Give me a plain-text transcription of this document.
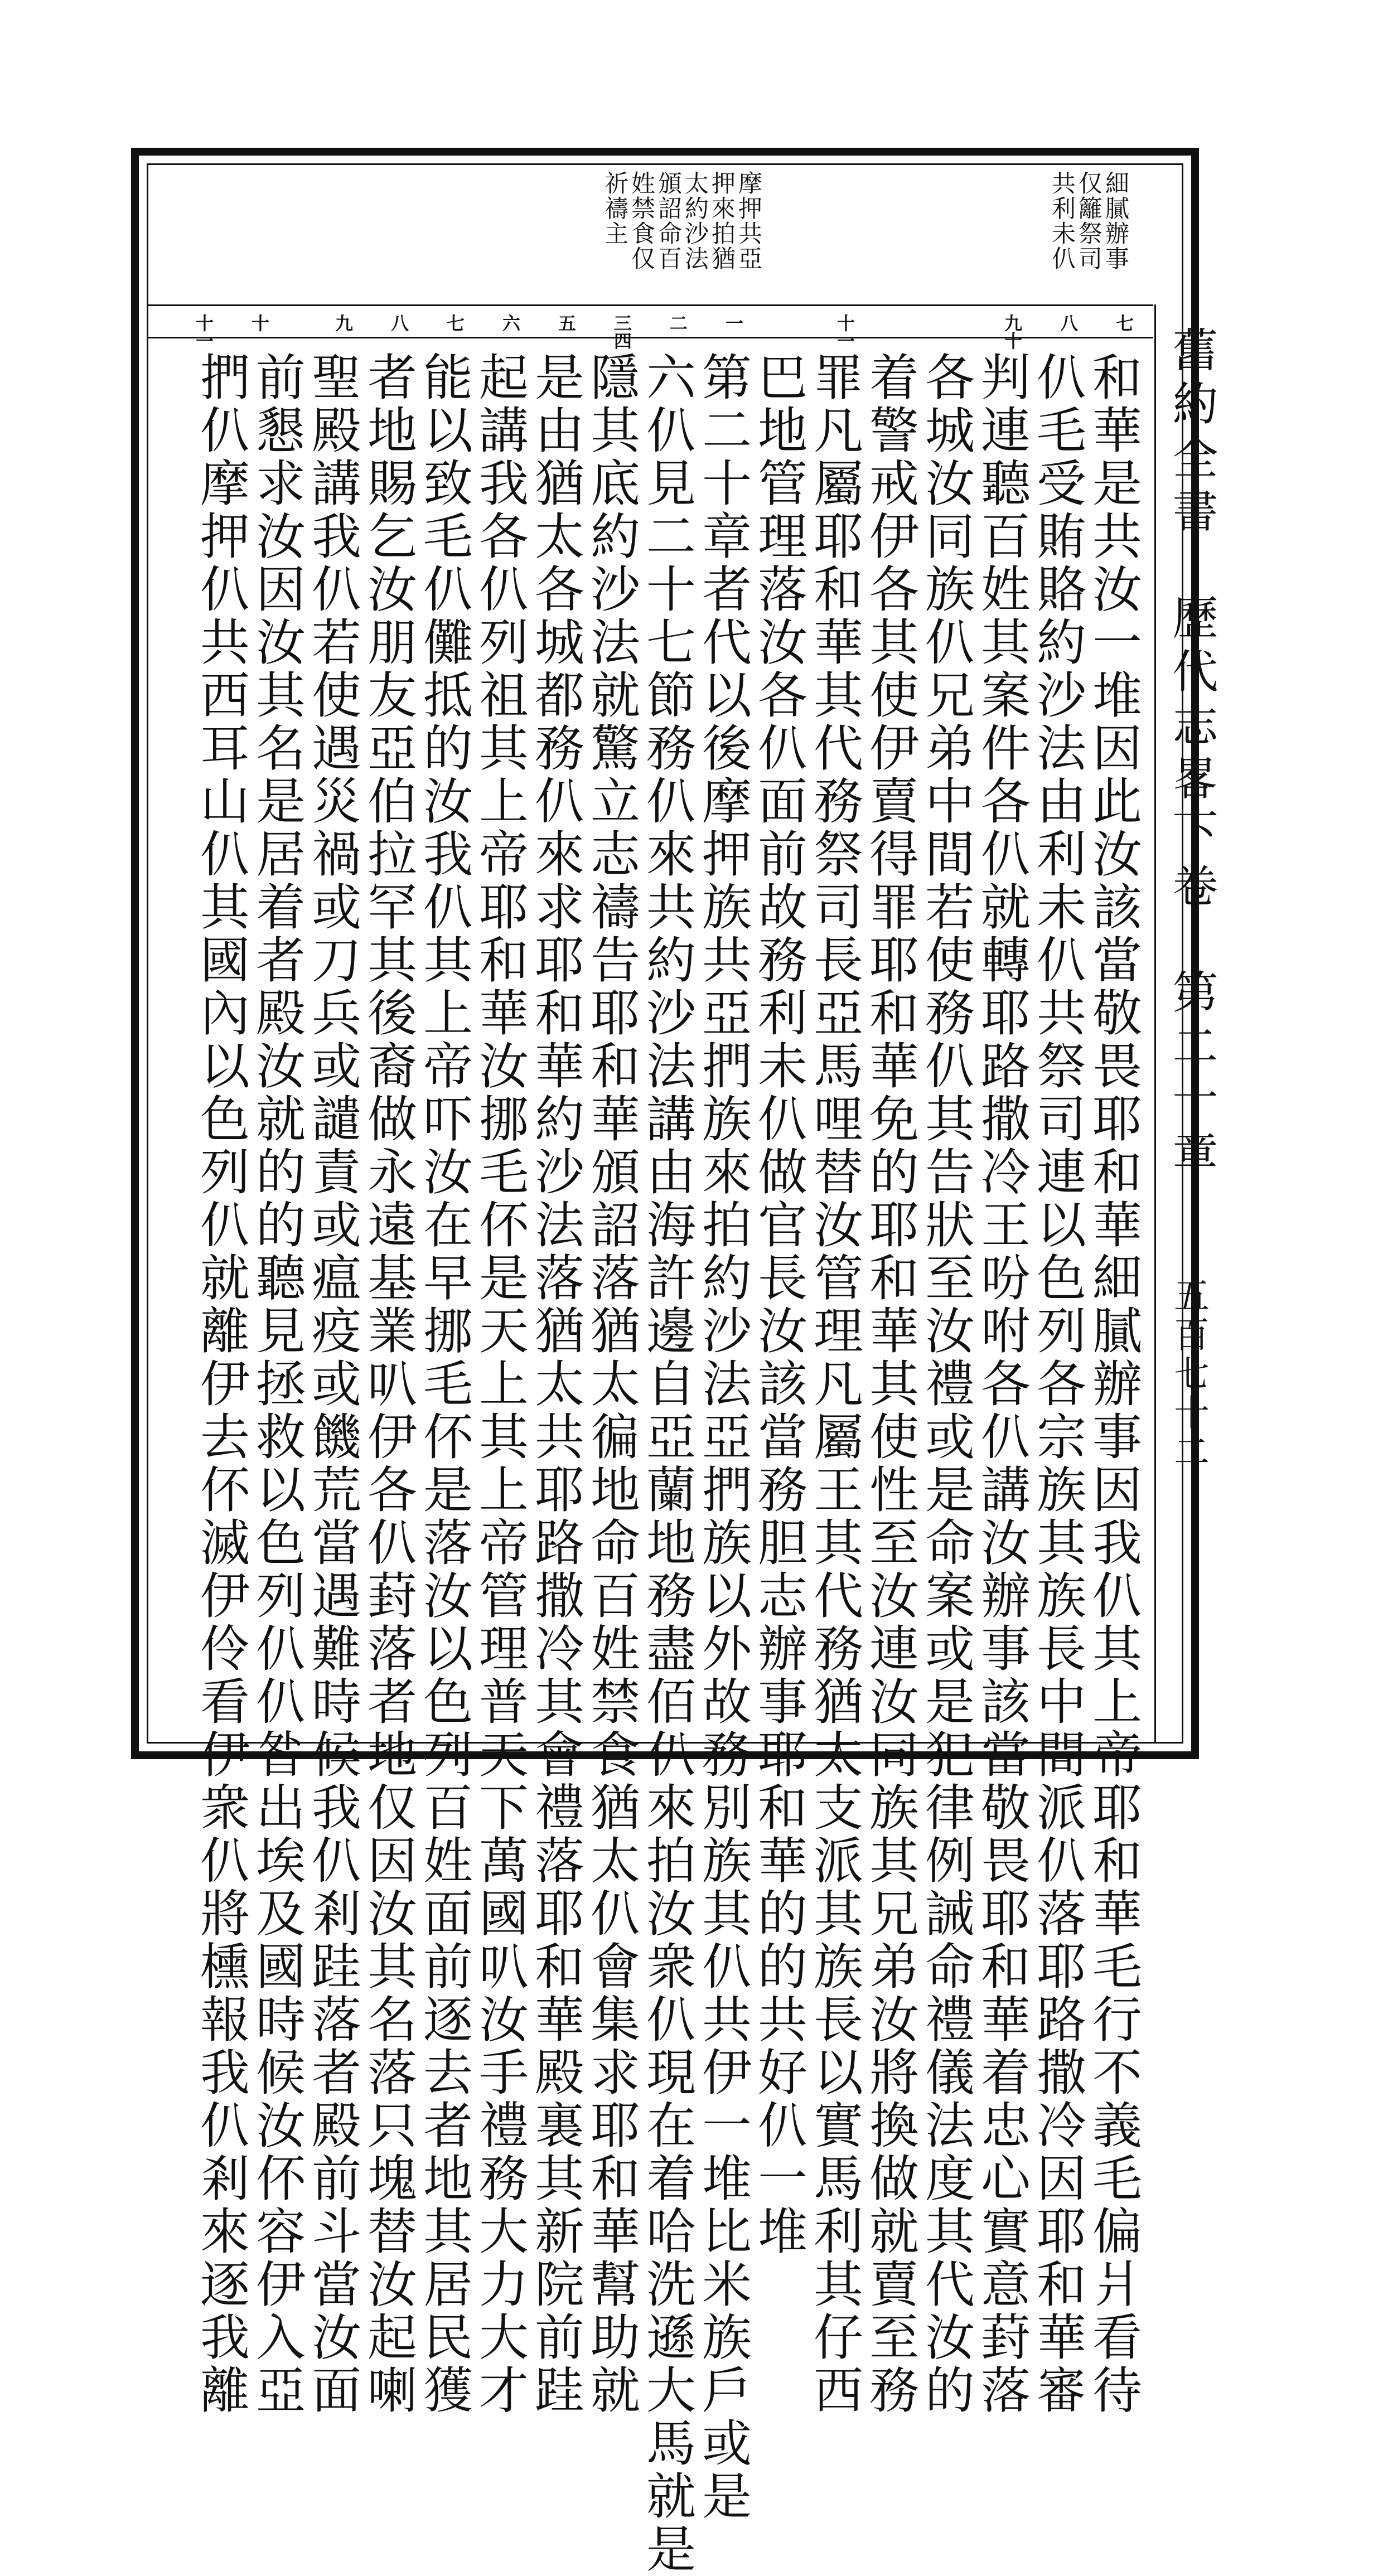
細膩辦事
仅籬祭司
共利未仈
摩押共亞
押來拍猶
太約沙法
頒詔命百
姓禁食仅
祈禱主
舊約全書　歷代志畧下卷　第二十章
五百七十二
七
八
九十
十一
一
二
三四
五
六
七
八
九
十
十一
和華是共汝一堆因此汝該當敬畏耶和華細膩辦事因我仈其上帝耶和華毛行不義毛偏爿看待
仈毛受賄賂約沙法由利未仈共祭司連以色列各宗族其族長中間派仈落耶路撒冷因耶和華審
判連聽百姓其案件各仈就轉耶路撒冷王吩咐各仈講汝辦事該當敬畏耶和華着忠心實意葑落
各城汝同族仈兄弟中間若使務仈其告狀至汝禮或是命案或是犯律例誡命禮儀法度其代汝的
着警戒伊各其使伊賣得罪耶和華免的耶和華其使性至汝連汝同族其兄弟汝將換做就賣至務
罪凡屬耶和華其代務祭司長亞馬哩替汝管理凡屬王其代務猶太支派其族長以實馬利其仔西
巴地管理落汝各仈面前故務利未仈做官長汝該當務胆志辦事耶和華的的共好仈一堆
第二十章者代以後摩押族共亞捫族來拍約沙法亞捫族以外故務別族其仈共伊一堆比米族戶或是
六仈見二十七節務仈來共約沙法講由海許邊自亞蘭地務盡佰仈來拍汝衆仈現在着哈洗遜大馬就是
隱其底約沙法就驚立志禱告耶和華頒詔落猶太徧地命百姓禁食猶太仈會集求耶和華幫助就
是由猶太各城都務仈來求耶和華約沙法落猶太共耶路撒冷其會禮落耶和華殿裏其新院前跬
起講我各仈列祖其上帝耶和華汝挪毛伓是天上其上帝管理普天下萬國叭汝手禮務大力大才
能以致毛仈儺抵的汝我仈其上帝吓汝在早挪毛伓是落汝以色列百姓面前逐去者地其居民獲
者地賜乞汝朋友亞伯拉罕其後裔做永遠基業叭伊各仈葑落者地仅因汝其名落只塊替汝起喇
聖殿講我仈若使遇災禍或刀兵或譴責或瘟疫或饑荒當遇難時候我仈剎跬落者殿前斗當汝面
前懇求汝因汝其名是居着者殿汝就的的聽見拯救以色列仈仈昝出埃及國時候汝伓容伊入亞
捫仈摩押仈共西耳山仈其國內以色列仈就離伊去伓滅伊伶看伊衆仈將櫄報我仈剎來逐我離
